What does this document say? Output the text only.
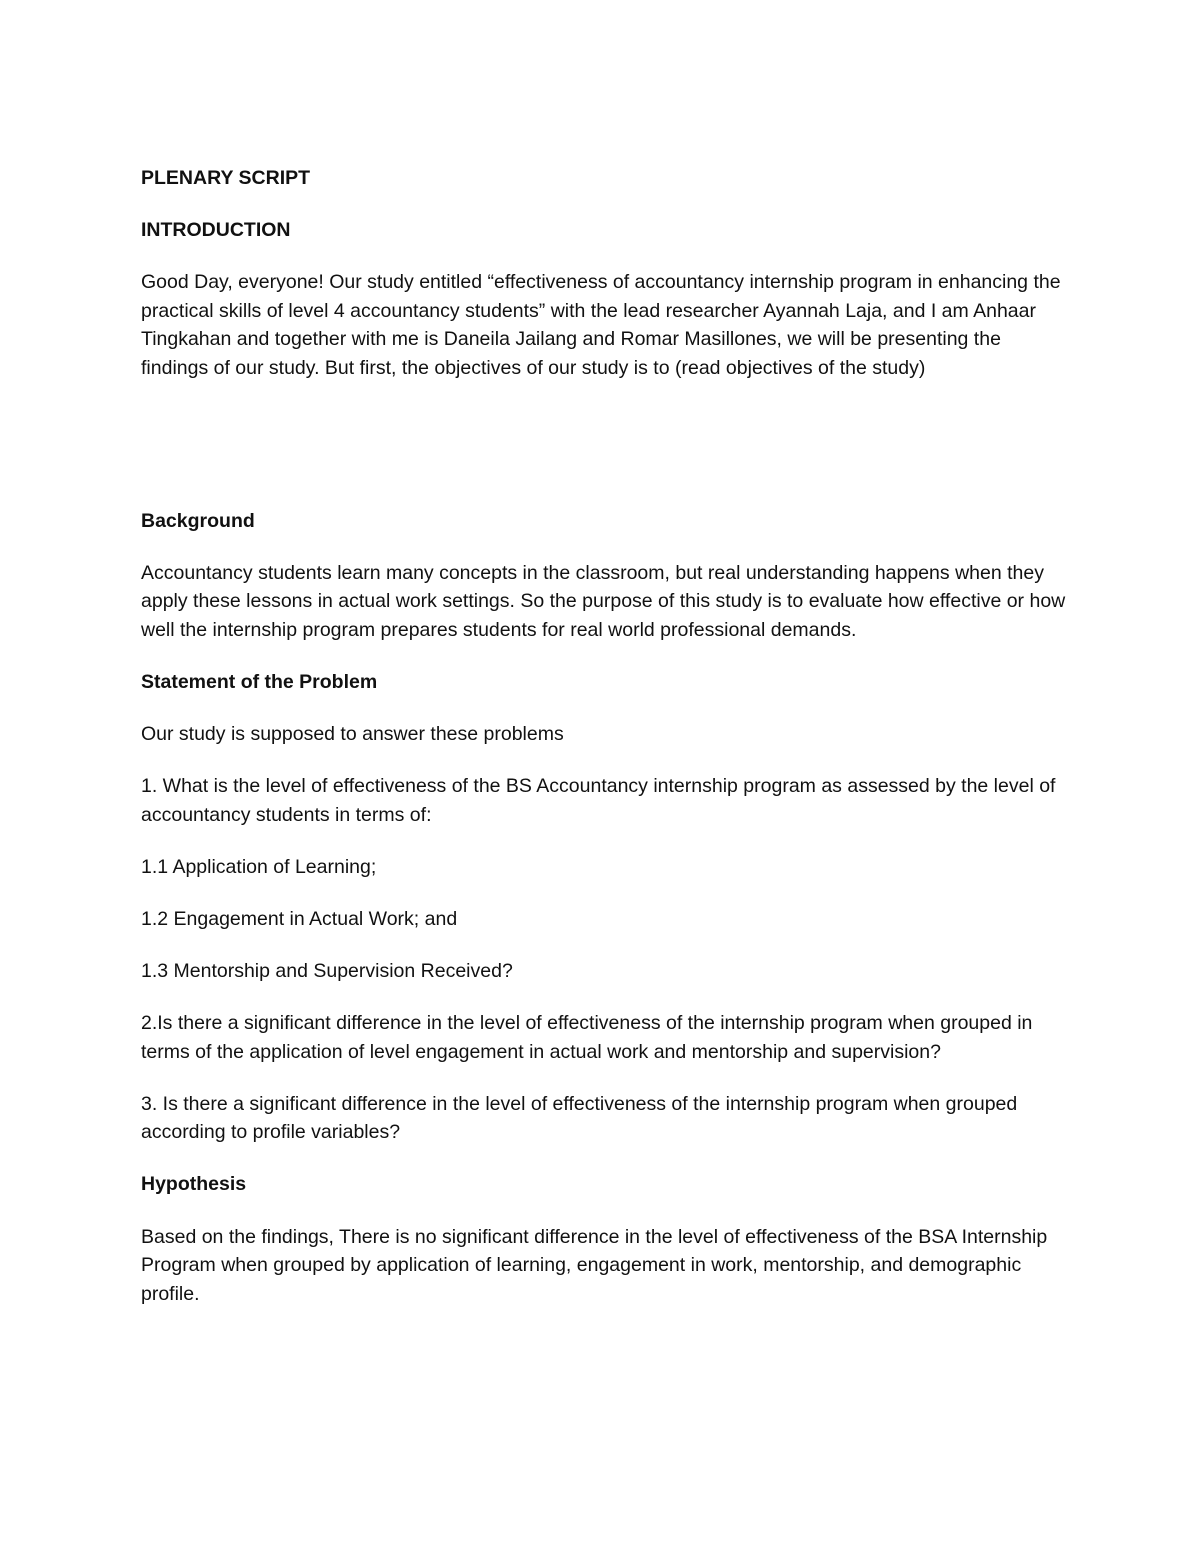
PLENARY SCRIPT

INTRODUCTION

Good Day, everyone! Our study entitled “effectiveness of accountancy internship program in enhancing the practical skills of level 4 accountancy students” with the lead researcher Ayannah Laja, and I am Anhaar Tingkahan and together with me is Daneila Jailang and Romar Masillones, we will be presenting the findings of our study. But first, the objectives of our study is to (read objectives of the study)

Background

Accountancy students learn many concepts in the classroom, but real understanding happens when they apply these lessons in actual work settings. So the purpose of this study is to evaluate how effective or how well the internship program prepares students for real world professional demands.

Statement of the Problem

Our study is supposed to answer these problems

1. What is the level of effectiveness of the BS Accountancy internship program as assessed by the level of accountancy students in terms of:

1.1 Application of Learning;

1.2 Engagement in Actual Work; and

1.3 Mentorship and Supervision Received?

2.Is there a significant difference in the level of effectiveness of the internship program when grouped in terms of the application of level engagement in actual work and mentorship and supervision?

3. Is there a significant difference in the level of effectiveness of the internship program when grouped according to profile variables?

Hypothesis

Based on the findings, There is no significant difference in the level of effectiveness of the BSA Internship Program when grouped by application of learning, engagement in work, mentorship, and demographic profile.
